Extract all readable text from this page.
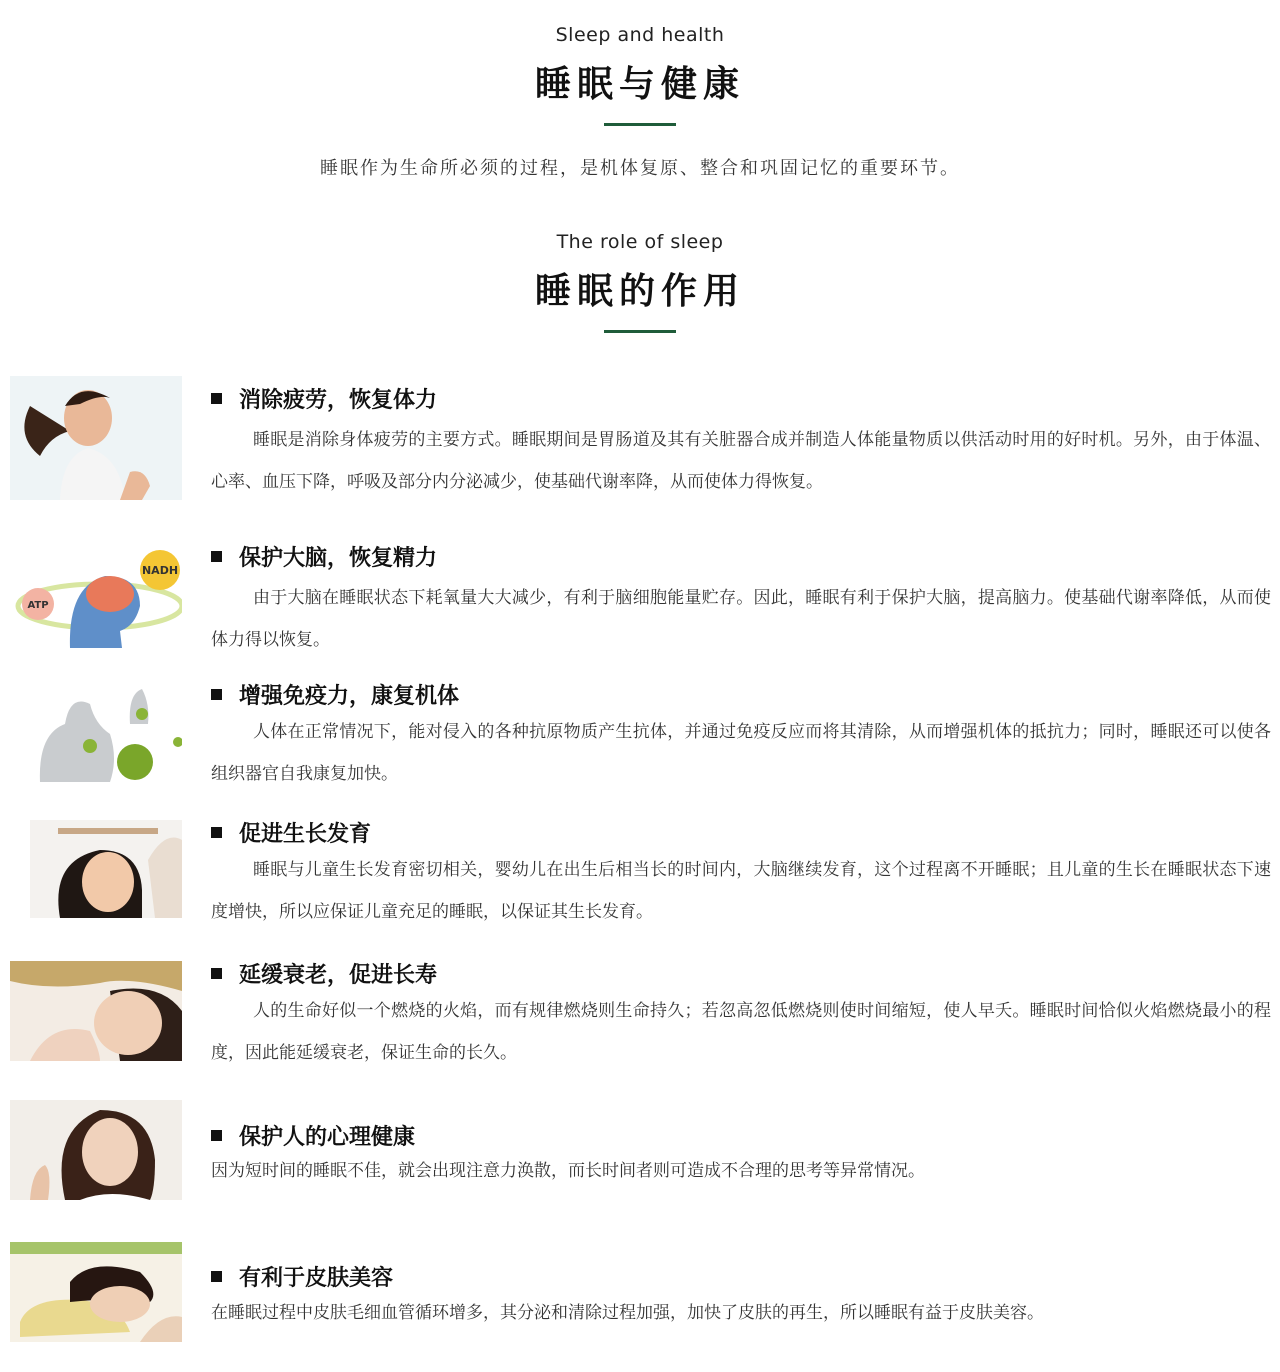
Sleep and health
睡眠与健康
睡眠作为生命所必须的过程，是机体复原、整合和巩固记忆的重要环节。
The role of sleep
睡眠的作用
消除疲劳，恢复体力
睡眠是消除身体疲劳的主要方式。睡眠期间是胃肠道及其有关脏器合成并制造人体能量物质以供活动时用的好时机。另外，由于体温、心率、血压下降，呼吸及部分内分泌减少，使基础代谢率降，从而使体力得恢复。
NADH
ATP
保护大脑，恢复精力
由于大脑在睡眠状态下耗氧量大大减少，有利于脑细胞能量贮存。因此，睡眠有利于保护大脑，提高脑力。使基础代谢率降低，从而使体力得以恢复。
增强免疫力，康复机体
人体在正常情况下，能对侵入的各种抗原物质产生抗体，并通过免疫反应而将其清除，从而增强机体的抵抗力；同时，睡眠还可以使各组织器官自我康复加快。
促进生长发育
睡眠与儿童生长发育密切相关，婴幼儿在出生后相当长的时间内，大脑继续发育，这个过程离不开睡眠；且儿童的生长在睡眠状态下速度增快，所以应保证儿童充足的睡眠，以保证其生长发育。
延缓衰老，促进长寿
人的生命好似一个燃烧的火焰，而有规律燃烧则生命持久；若忽高忽低燃烧则使时间缩短，使人早夭。睡眠时间恰似火焰燃烧最小的程度，因此能延缓衰老，保证生命的长久。
保护人的心理健康
因为短时间的睡眠不佳，就会出现注意力涣散，而长时间者则可造成不合理的思考等异常情况。
有利于皮肤美容
在睡眠过程中皮肤毛细血管循环增多，其分泌和清除过程加强，加快了皮肤的再生，所以睡眠有益于皮肤美容。
